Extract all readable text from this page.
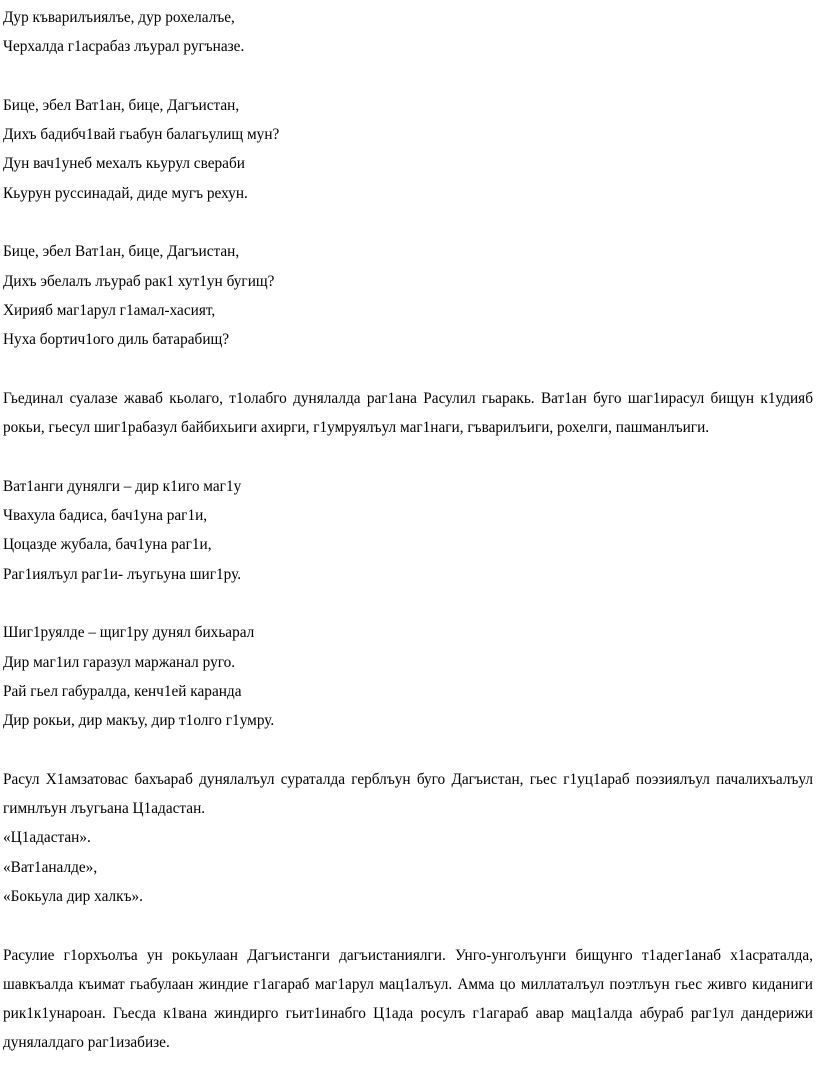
Дур къварилъиялъе, дур рохелалъе,
Черхалда г1асрабаз лъурал ругъназе.
Бице, эбел Ват1ан, бице, Дагъистан,
Дихъ бадибч1вай гьабун балагьулищ мун?
Дун вач1унеб мехалъ кьурул свераби
Кьурун руссинадай, диде мугъ рехун.
Бице, эбел Ват1ан, бице, Дагъистан,
Дихъ эбелалъ лъураб рак1 хут1ун бугищ?
Хирияб маг1арул г1амал-хасият,
Нуха бортич1ого диль батарабищ?

Гьединал суалазе жаваб кьолаго, т1олабго дунялалда раг1ана Расулил гьаракь. Ват1ан буго шаг1ирасул бищун к1удияб рокьи, гьесул шиг1рабазул байбихьиги ахирги, г1умруялъул маг1наги, гъварилъиги, рохелги, пашманлъиги.

Ват1анги дунялги – дир к1иго маг1у
Чвахула бадиса, бач1уна раг1и,
Цоцазде жубала, бач1уна раг1и,
Раг1иялъул раг1и- лъугьуна шиг1ру.
Шиг1руялде – щиг1ру дунял бихьарал
Дир маг1ил гаразул маржанал руго.
Рай гьел габуралда, кенч1ей каранда
Дир рокьи, дир макъу, дир т1олго г1умру.

Расул Х1амзатовас бахъараб дунялалъул сураталда герблъун буго Дагъистан, гьес г1уц1араб поэзиялъул пачалихъалъул гимнлъун лъугьана Ц1адастан.

«Ц1адастан».
«Ват1аналде»,
«Бокьула дир халкъ».

Расулие г1орхъолъа ун рокьулаан Дагъистанги дагъистаниялги. Унго-унголъунги бищунго т1адег1анаб х1асраталда, шавкъалда къимат гьабулаан жиндие г1агараб маг1арул мац1алъул. Амма цо миллаталъул поэтлъун гьес живго киданиги рик1к1унароан. Гьеcда к1вана жиндирго гьит1инабго Ц1ада росулъ г1агараб авар мац1алда абураб раг1ул дандерижи дунялалдаго раг1изабизе.
